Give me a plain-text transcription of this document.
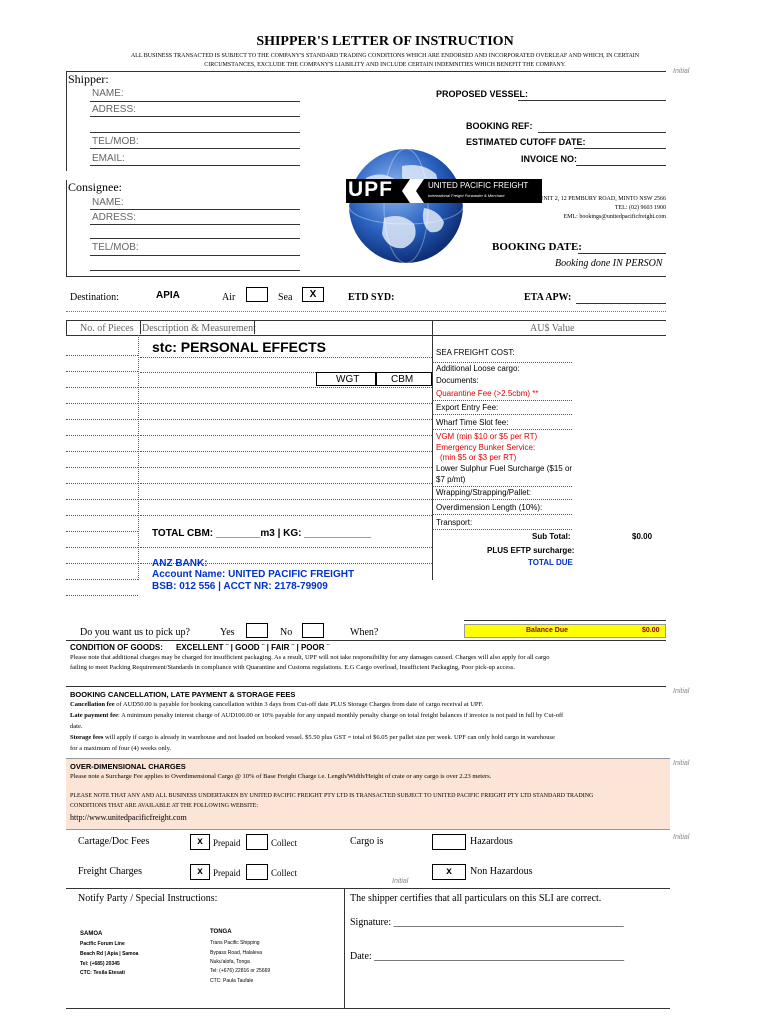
SHIPPER'S LETTER OF INSTRUCTION
ALL BUSINESS TRANSACTED IS SUBJECT TO THE COMPANY'S STANDARD TRADING CONDITIONS WHICH ARE ENDORSED AND INCORPORATED OVERLEAF AND WHICH, IN CERTAIN
CIRCUMSTANCES, EXCLUDE THE COMPANY'S LIABILITY AND INCLUDE CERTAIN INDEMNITIES WHICH BENEFIT THE COMPANY.
Initial
Shipper:
NAME:
ADRESS:
TEL/MOB:
EMAIL:
PROPOSED VESSEL:
BOOKING REF:
ESTIMATED CUTOFF DATE:
INVOICE NO:
UPF	UNITED PACIFIC FREIGHT
International Freight Forwarder & Merchant
UNIT 2, 12 PEMBURY ROAD, MINTO NSW 2566
TEL: (02) 9603 1900
EML: bookings@unitedpacificfreight.com
Consignee:
NAME:
ADRESS:
TEL/MOB:	BOOKING DATE:
Booking done IN PERSON
Destination:	APIA	Air	Sea	X	ETD SYD:	ETA APW:
No. of Pieces Description & Measurement	AU$ Value
stc: PERSONAL EFFECTS
WGT	CBM
TOTAL CBM: ________m3 | KG: ____________
ANZ BANK:
Account Name: UNITED PACIFIC FREIGHT
BSB: 012 556 | ACCT NR: 2178-79909
SEA FREIGHT COST:
Additional Loose cargo:
Documents:
Quarantine Fee (>2.5cbm) **
Export Entry Fee:
Wharf Time Slot fee:
VGM (min $10 or $5 per RT)
Emergency Bunker Service:
(min $5 or $3 per RT)
Lower Sulphur Fuel Surcharge ($15 or
$7 p/mt)
Wrapping/Strapping/Pallet:
Overdimension Length (10%):
Transport:
Sub Total:	$0.00
PLUS EFTP surcharge:
TOTAL DUE
Do you want us to pick up?	Yes	No	When?	Balance Due	$0.00
CONDITION OF GOODS: EXCELLENT ¨ | GOOD ¨ | FAIR ¨ | POOR ¨
Please note that additional charges may be charged for insufficient packaging. As a result, UPF will not take responsibility for any damages caused. Charges will also apply for all cargo
failing to meet Packing Requirement/Standards in compliance with Quarantine and Customs regulations. E.G Cargo overload, Insufficient Packaging, Poor pick-up access.
Initial
BOOKING CANCELLATION, LATE PAYMENT & STORAGE FEES
Cancellation fee of AUD50.00 is payable for booking cancellation within 3 days from Cut-off date PLUS Storage Charges from date of cargo receival at UPF.
Late payment fee: A minimum penalty interest charge of AUD100.00 or 10% payable for any unpaid monthly penalty charge on total freight balances if invoice is not paid in full by Cut-off
date.
Storage fees will apply if cargo is already in warehouse and not loaded on booked vessel. $5.50 plus GST = total of $6.05 per pallet size per week. UPF can only hold cargo in warehouse
for a maximum of four (4) weeks only.
Initial
OVER-DIMENSIONAL CHARGES
Please note a Surcharge Fee applies to Overdimensional Cargo @ 10% of Base Freight Charge i.e. Length/Width/Height of crate or any cargo is over 2.23 meters.
PLEASE NOTE THAT ANY AND ALL BUSINESS UNDERTAKEN BY UNITED PACIFIC FREIGHT PTY LTD IS TRANSACTED SUBJECT TO UNITED PACIFIC FREIGHT PTY LTD STANDARD TRADING
CONDITIONS THAT ARE AVAILABLE AT THE FOLLOWING WEBSITE:
http://www.unitedpacificfreight.com
Initial
Cartage/Doc Fees	x	Prepaid	Collect	Cargo is	Hazardous
Freight Charges	x	Prepaid	Collect	x	Non Hazardous
Initial
Notify Party / Special Instructions:	The shipper certifies that all particulars on this SLI are correct.
Signature: ______________________________________________
Date: __________________________________________________
SAMOA
Pacific Forum Line
Beach Rd | Apia | Samoa
Tel: (+685) 20345
CTC: Tesila Etesati
TONGA
Trans Pacific Shipping
Bypass Road, Halaleva
Nuku'alofa, Tonga
Tel: (+676) 22816 or 25669
CTC: Paula Taufale
